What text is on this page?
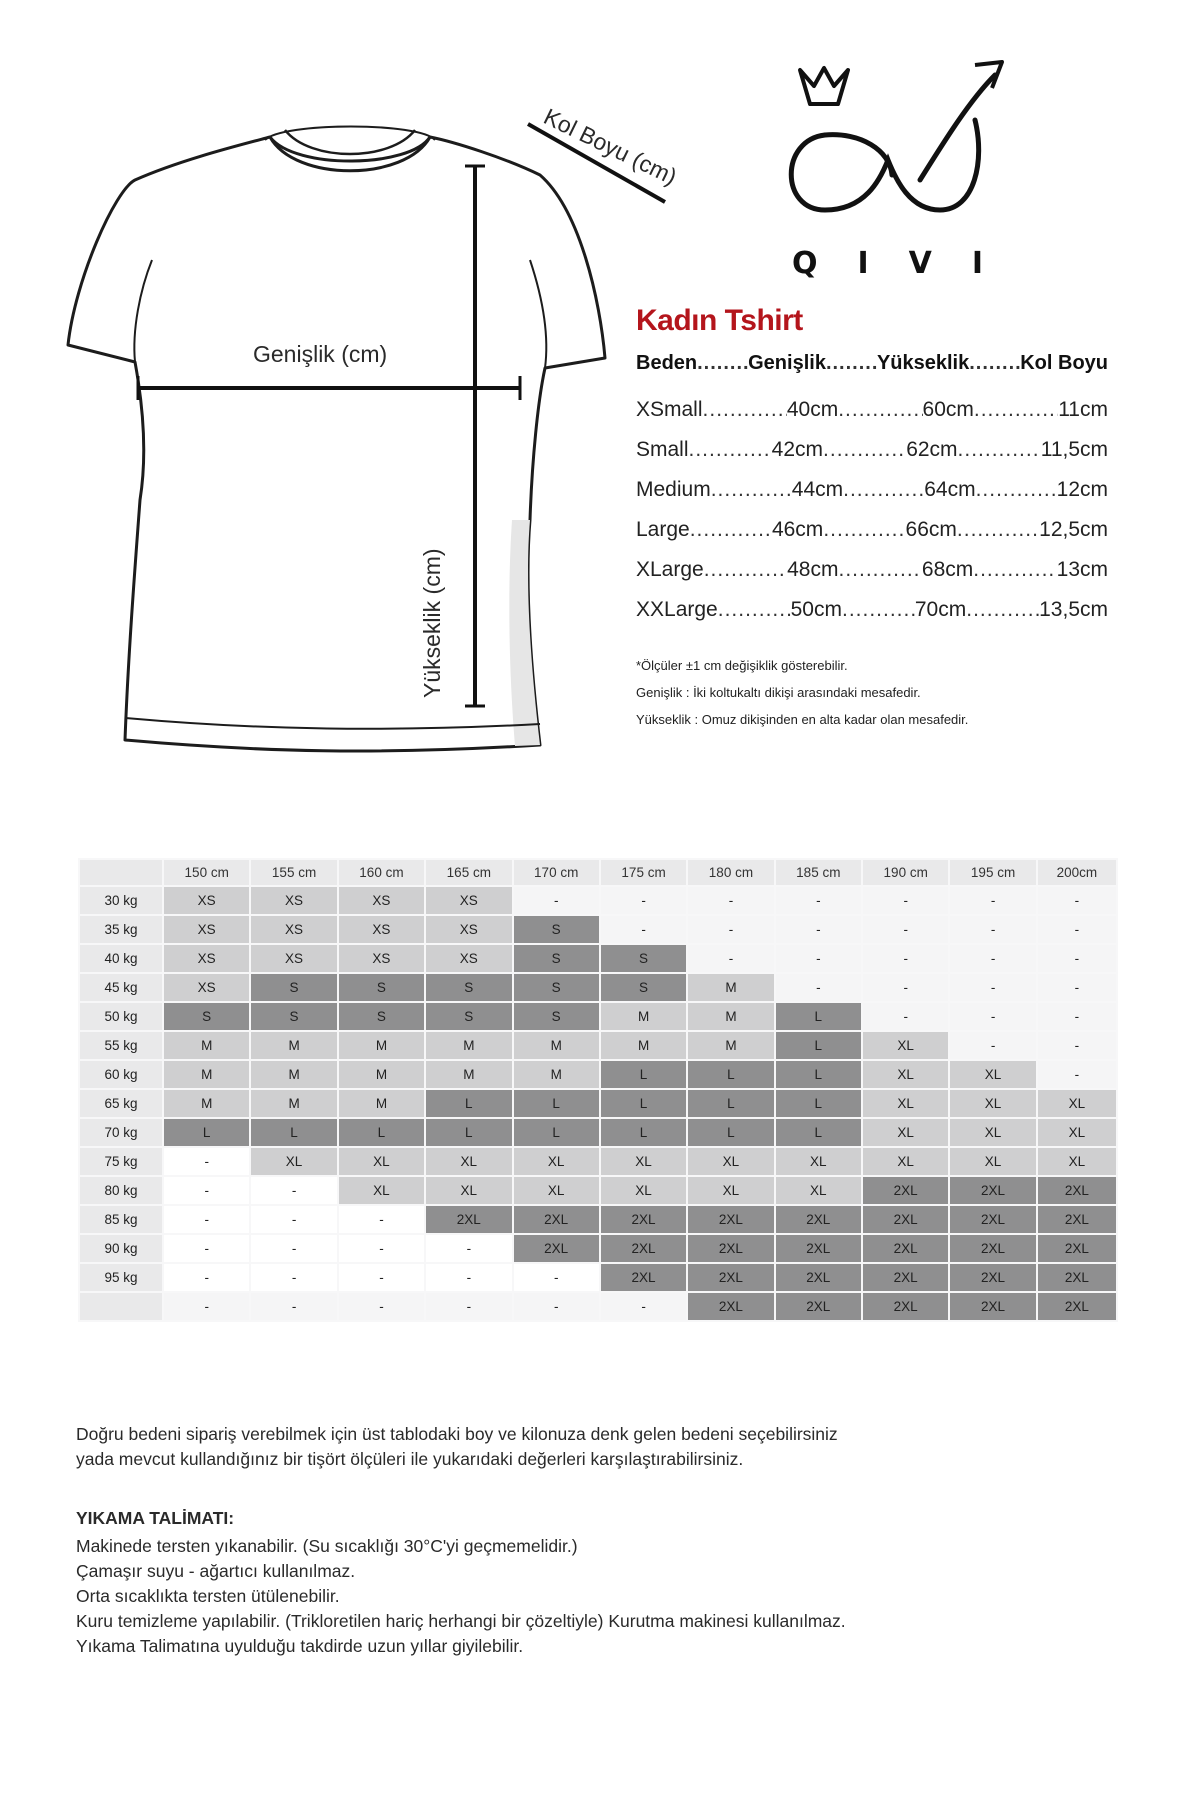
Genişlik (cm)
Yükseklik (cm)
Kol Boyu (cm)
QIVI
Kadın Tshirt
Beden .....	Genişlik .....	Yükseklik .....	Kol Boyu
XSmall .....	40cm .....	60cm .....	11cm
Small .....	42cm .....	62cm .....	11,5cm
Medium .....	44cm .....	64cm .....	12cm
Large .....	46cm .....	66cm .....	12,5cm
XLarge .....	48cm .....	68cm .....	13cm
XXLarge .....	50cm .....	70cm .....	13,5cm
*Ölçüler ±1 cm değişiklik gösterebilir.
Genişlik : İki koltukaltı dikişi arasındaki mesafedir.
Yükseklik : Omuz dikişinden en alta kadar olan mesafedir.
	150 cm	155 cm	160 cm	165 cm	170 cm	175 cm	180 cm	185 cm	190 cm	195 cm	200cm
30 kg	XS	XS	XS	XS	-	-	-	-	-	-	-
35 kg	XS	XS	XS	XS	S	-	-	-	-	-	-
40 kg	XS	XS	XS	XS	S	S	-	-	-	-	-
45 kg	XS	S	S	S	S	S	M	-	-	-	-
50 kg	S	S	S	S	S	M	M	L	-	-	-
55 kg	M	M	M	M	M	M	M	L	XL	-	-
60 kg	M	M	M	M	M	L	L	L	XL	XL	-
65 kg	M	M	M	L	L	L	L	L	XL	XL	XL
70 kg	L	L	L	L	L	L	L	L	XL	XL	XL
75 kg	-	XL	XL	XL	XL	XL	XL	XL	XL	XL	XL
80 kg	-	-	XL	XL	XL	XL	XL	XL	2XL	2XL	2XL
85 kg	-	-	-	2XL	2XL	2XL	2XL	2XL	2XL	2XL	2XL
90 kg	-	-	-	-	2XL	2XL	2XL	2XL	2XL	2XL	2XL
95 kg	-	-	-	-	-	2XL	2XL	2XL	2XL	2XL	2XL
	-	-	-	-	-	-	2XL	2XL	2XL	2XL	2XL
Doğru bedeni sipariş verebilmek için üst tablodaki boy ve kilonuza denk gelen bedeni seçebilirsiniz
yada mevcut kullandığınız bir tişört ölçüleri ile yukarıdaki değerleri karşılaştırabilirsiniz.
YIKAMA TALİMATI:
Makinede tersten yıkanabilir. (Su sıcaklığı 30°C'yi geçmemelidir.)
Çamaşır suyu - ağartıcı kullanılmaz.
Orta sıcaklıkta tersten ütülenebilir.
Kuru temizleme yapılabilir. (Trikloretilen hariç herhangi bir çözeltiyle) Kurutma makinesi kullanılmaz.
Yıkama Talimatına uyulduğu takdirde uzun yıllar giyilebilir.
